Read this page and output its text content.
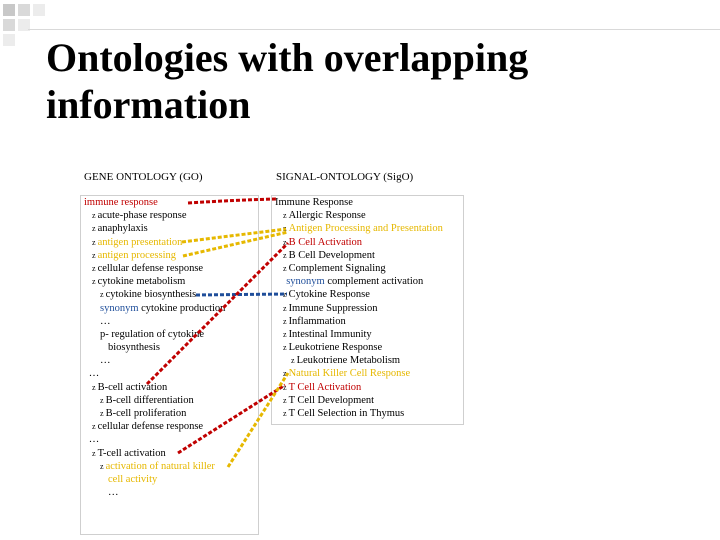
Ontologies with overlapping
information
GENE ONTOLOGY (GO)	SIGNAL-ONTOLOGY (SigO)
immune response
z acute-phase response
z anaphylaxis
z antigen presentation
z antigen processing
z cellular defense response
z cytokine metabolism
z cytokine biosynthesis
synonym cytokine production
…
p- regulation of cytokine
biosynthesis
…
…
z B-cell activation
z B-cell differentiation
z B-cell proliferation
z cellular defense response
…
z T-cell activation
z activation of natural killer
cell activity
…
Immune Response
z Allergic Response
z Antigen Processing and Presentation
z B Cell Activation
z B Cell Development
z Complement Signaling
synonym complement activation
z Cytokine Response
z Immune Suppression
z Inflammation
z Intestinal Immunity
z Leukotriene Response
z Leukotriene Metabolism
z Natural Killer Cell Response
z T Cell Activation
z T Cell Development
z T Cell Selection in Thymus
